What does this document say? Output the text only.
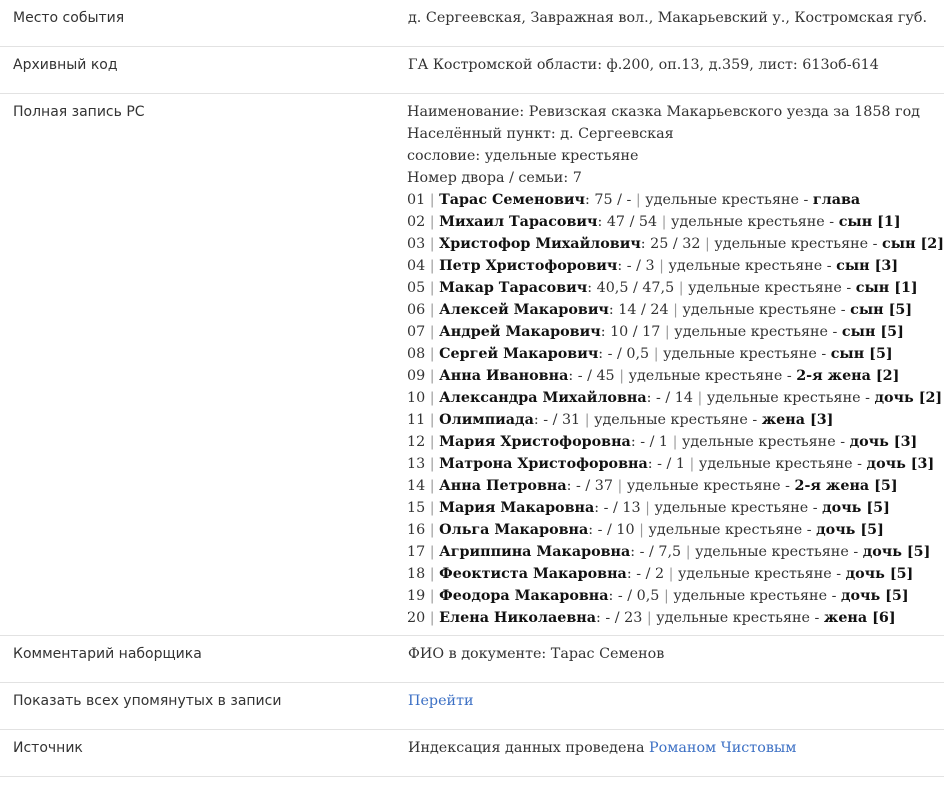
Место события	д. Сергеевская, Завражная вол., Макарьевский у., Костромская губ.
Архивный код	ГА Костромской области: ф.200, оп.13, д.359, лист: 613об-614
Полная запись РС	Наименование: Ревизская сказка Макарьевского уезда за 1858 год
Населённый пункт: д. Сергеевская
сословие: удельные крестьяне
Номер двора / семьи: 7
01 | Тарас Семенович: 75 / - | удельные крестьяне - глава
02 | Михаил Тарасович: 47 / 54 | удельные крестьяне - сын [1]
03 | Христофор Михайлович: 25 / 32 | удельные крестьяне - сын [2]
04 | Петр Христофорович: - / 3 | удельные крестьяне - сын [3]
05 | Макар Тарасович: 40,5 / 47,5 | удельные крестьяне - сын [1]
06 | Алексей Макарович: 14 / 24 | удельные крестьяне - сын [5]
07 | Андрей Макарович: 10 / 17 | удельные крестьяне - сын [5]
08 | Сергей Макарович: - / 0,5 | удельные крестьяне - сын [5]
09 | Анна Ивановна: - / 45 | удельные крестьяне - 2-я жена [2]
10 | Александра Михайловна: - / 14 | удельные крестьяне - дочь [2]
11 | Олимпиада: - / 31 | удельные крестьяне - жена [3]
12 | Мария Христофоровна: - / 1 | удельные крестьяне - дочь [3]
13 | Матрона Христофоровна: - / 1 | удельные крестьяне - дочь [3]
14 | Анна Петровна: - / 37 | удельные крестьяне - 2-я жена [5]
15 | Мария Макаровна: - / 13 | удельные крестьяне - дочь [5]
16 | Ольга Макаровна: - / 10 | удельные крестьяне - дочь [5]
17 | Агриппина Макаровна: - / 7,5 | удельные крестьяне - дочь [5]
18 | Феоктиста Макаровна: - / 2 | удельные крестьяне - дочь [5]
19 | Феодора Макаровна: - / 0,5 | удельные крестьяне - дочь [5]
20 | Елена Николаевна: - / 23 | удельные крестьяне - жена [6]
Комментарий наборщика	ФИО в документе: Тарас Семенов
Показать всех упомянутых в записи	Перейти
Источник	Индексация данных проведена Романом Чистовым
